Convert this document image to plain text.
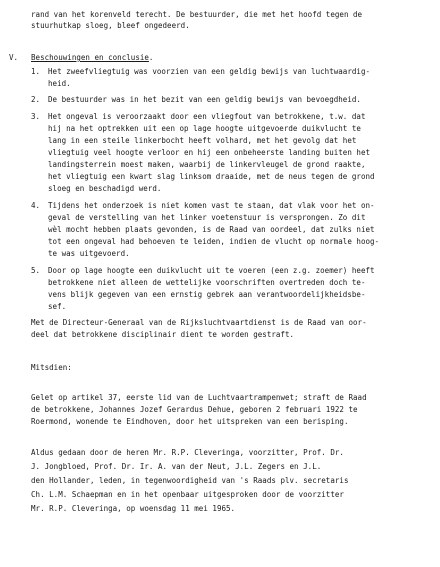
rand van het korenveld terecht. De bestuurder, die met het hoofd tegen de
stuurhutkap sloeg, bleef ongedeerd.
V. Beschouwingen en conclusie.
1. Het zweefvliegtuig was voorzien van een geldig bewijs van luchtwaardig-
heid.
2. De bestuurder was in het bezit van een geldig bewijs van bevoegdheid.
3. Het ongeval is veroorzaakt door een vliegfout van betrokkene, t.w. dat
hij na het optrekken uit een op lage hoogte uitgevoerde duikvlucht te
lang in een steile linkerbocht heeft volhard, met het gevolg dat het
vliegtuig veel hoogte verloor en hij een onbeheerste landing buiten het
landingsterrein moest maken, waarbij de linkervleugel de grond raakte,
het vliegtuig een kwart slag linksom draaide, met de neus tegen de grond
sloeg en beschadigd werd.
4. Tijdens het onderzoek is niet komen vast te staan, dat vlak voor het on-
geval de verstelling van het linker voetenstuur is versprongen. Zo dit
wèl mocht hebben plaats gevonden, is de Raad van oordeel, dat zulks niet
tot een ongeval had behoeven te leiden, indien de vlucht op normale hoog-
te was uitgevoerd.
5. Door op lage hoogte een duikvlucht uit te voeren (een z.g. zoemer) heeft
betrokkene niet alleen de wettelijke voorschriften overtreden doch te-
vens blijk gegeven van een ernstig gebrek aan verantwoordelijkheidsbe-
sef.
Met de Directeur-Generaal van de Rijksluchtvaartdienst is de Raad van oor-
deel dat betrokkene disciplinair dient te worden gestraft.
Mitsdien:
Gelet op artikel 37, eerste lid van de Luchtvaartrampenwet; straft de Raad
de betrokkene, Johannes Jozef Gerardus Dehue, geboren 2 februari 1922 te
Roermond, wonende te Eindhoven, door het uitspreken van een berisping.
Aldus gedaan door de heren Mr. R.P. Cleveringa, voorzitter, Prof. Dr.
J. Jongbloed, Prof. Dr. Ir. A. van der Neut, J.L. Zegers en J.L.
den Hollander, leden, in tegenwoordigheid van 's Raads plv. secretaris
Ch. L.M. Schaepman en in het openbaar uitgesproken door de voorzitter
Mr. R.P. Cleveringa, op woensdag 11 mei 1965.
